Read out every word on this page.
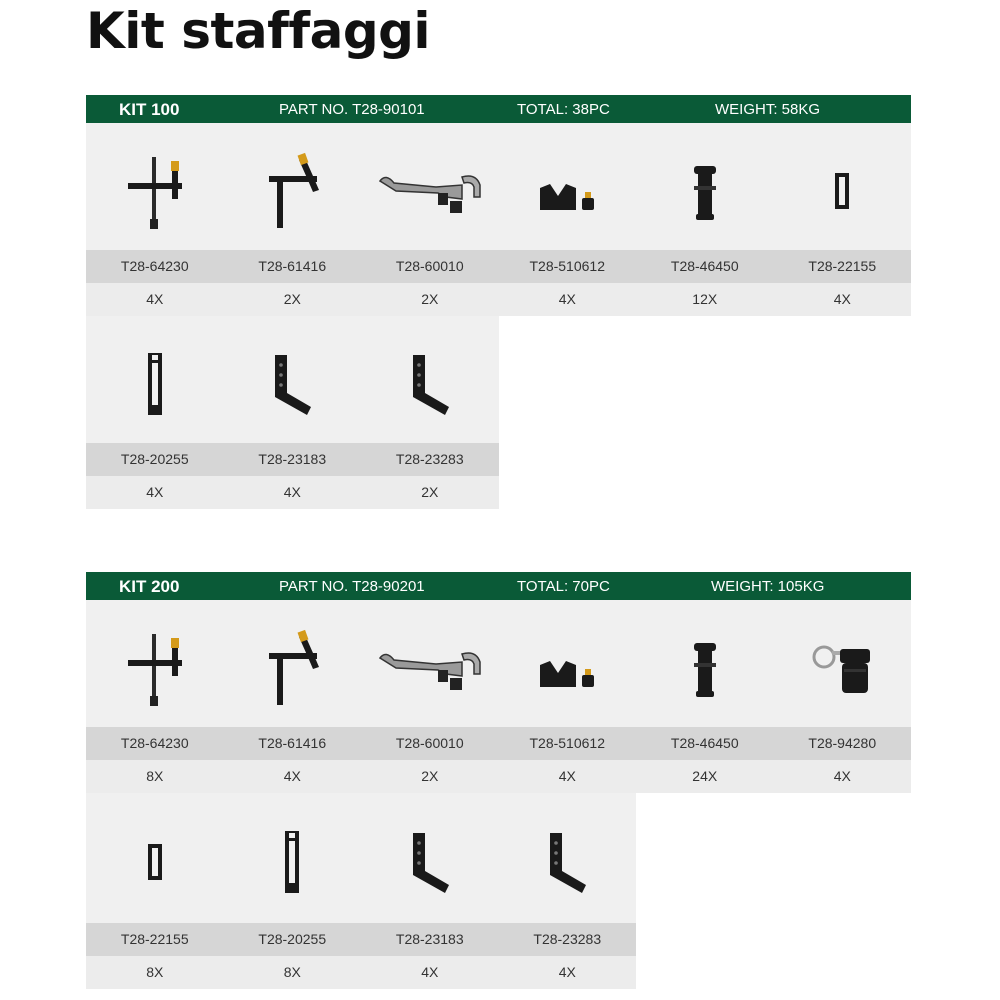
Kit staffaggi
KIT 100	PART NO. T28-90101	TOTAL: 38PC	WEIGHT: 58KG
T28-64230
4X
T28-61416
2X
T28-60010
2X
T28-510612
4X
T28-46450
12X
T28-22155
4X
T28-20255
4X
T28-23183
4X
T28-23283
2X
KIT 200	PART NO. T28-90201	TOTAL: 70PC	WEIGHT: 105KG
T28-64230
8X
T28-61416
4X
T28-60010
2X
T28-510612
4X
T28-46450
24X
T28-94280
4X
T28-22155
8X
T28-20255
8X
T28-23183
4X
T28-23283
4X
